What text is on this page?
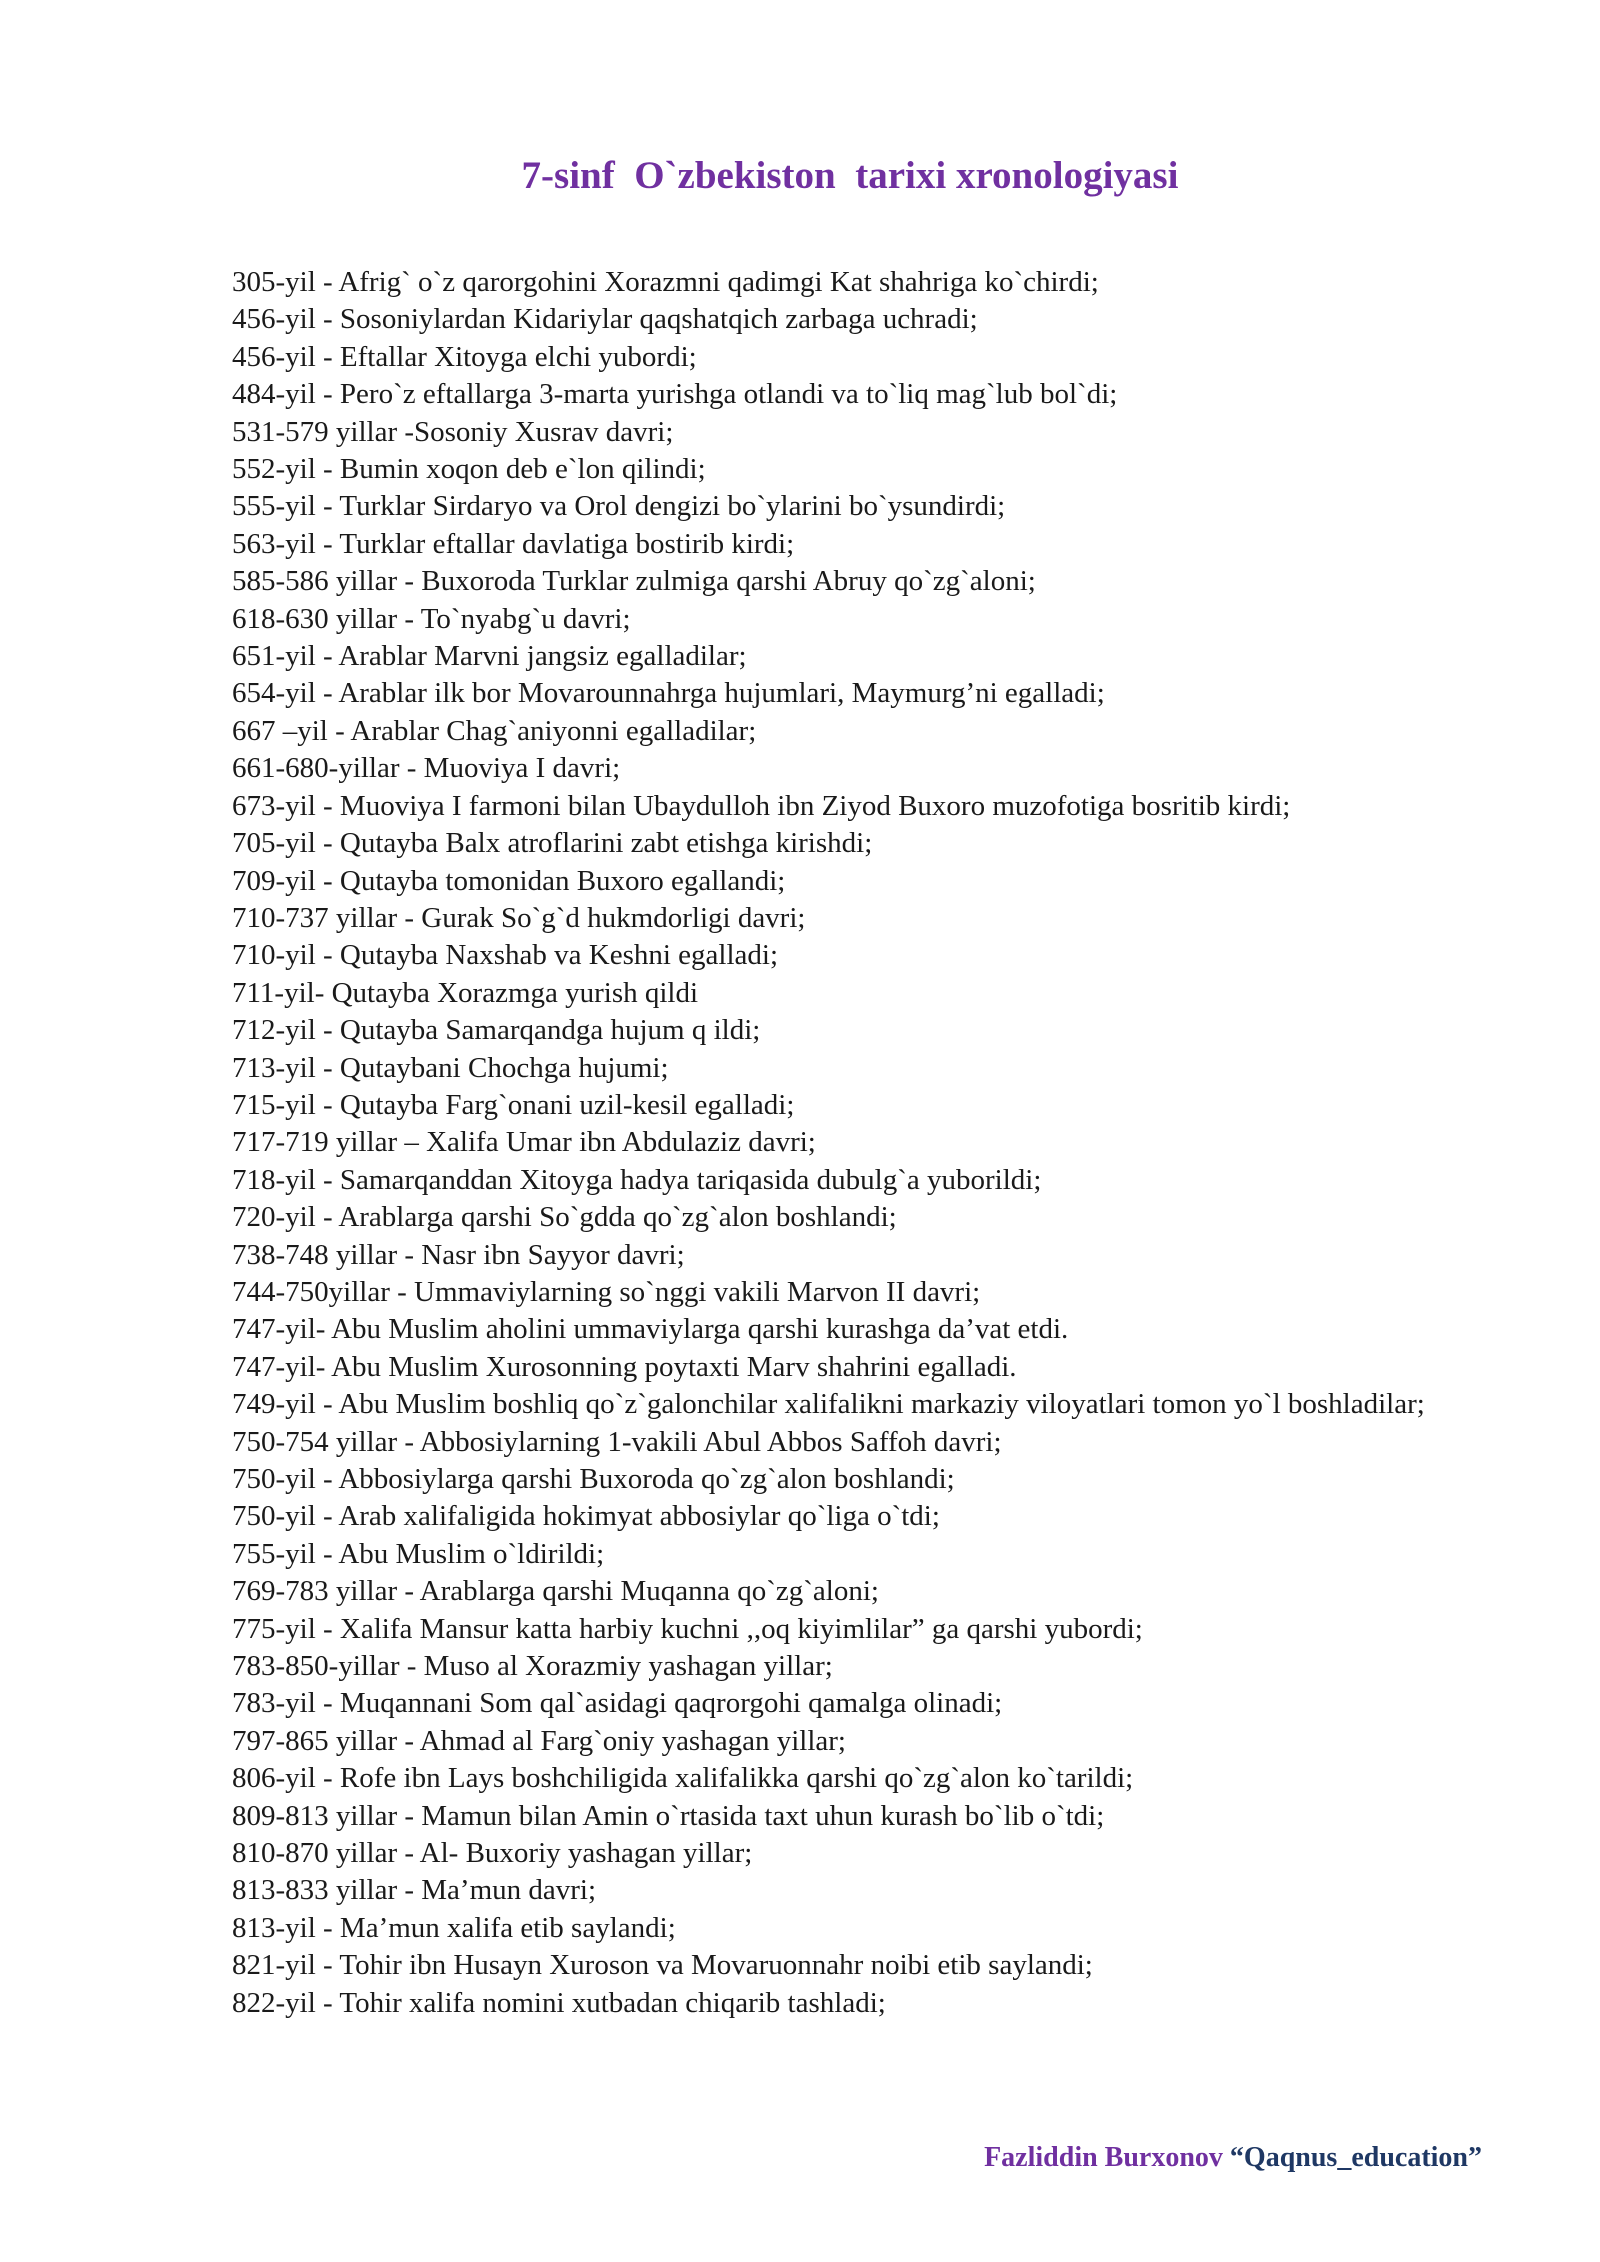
7-sinf  O`zbekiston  tarixi xronologiyasi
305-yil - Afrig` o`z qarorgohini Xorazmni qadimgi Kat shahriga ko`chirdi;
456-yil - Sosoniylardan Kidariylar qaqshatqich zarbaga uchradi;
456-yil - Eftallar Xitoyga elchi yubordi;
484-yil - Pero`z eftallarga 3-marta yurishga otlandi va to`liq mag`lub bol`di;
531-579 yillar -Sosoniy Xusrav davri;
552-yil - Bumin xoqon deb e`lon qilindi;
555-yil - Turklar Sirdaryo va Orol dengizi bo`ylarini bo`ysundirdi;
563-yil - Turklar eftallar davlatiga bostirib kirdi;
585-586 yillar - Buxoroda Turklar zulmiga qarshi Abruy qo`zg`aloni;
618-630 yillar - To`nyabg`u davri;
651-yil - Arablar Marvni jangsiz egalladilar;
654-yil - Arablar ilk bor Movarounnahrga hujumlari, Maymurg’ni egalladi;
667 –yil - Arablar Chag`aniyonni egalladilar;
661-680-yillar - Muoviya I davri;
673-yil - Muoviya I farmoni bilan Ubaydulloh ibn Ziyod Buxoro muzofotiga bosritib kirdi;
705-yil - Qutayba Balx atroflarini zabt etishga kirishdi;
709-yil - Qutayba tomonidan Buxoro egallandi;
710-737 yillar - Gurak So`g`d hukmdorligi davri;
710-yil - Qutayba Naxshab va Keshni egalladi;
711-yil- Qutayba Xorazmga yurish qildi
712-yil - Qutayba Samarqandga hujum q ildi;
713-yil - Qutaybani Chochga hujumi;
715-yil - Qutayba Farg`onani uzil-kesil egalladi;
717-719 yillar – Xalifa Umar ibn Abdulaziz davri;
718-yil - Samarqanddan Xitoyga hadya tariqasida dubulg`a yuborildi;
720-yil - Arablarga qarshi So`gdda qo`zg`alon boshlandi;
738-748 yillar - Nasr ibn Sayyor davri;
744-750yillar - Ummaviylarning so`nggi vakili Marvon II davri;
747-yil- Abu Muslim aholini ummaviylarga qarshi kurashga da’vat etdi.
747-yil- Abu Muslim Xurosonning poytaxti Marv shahrini egalladi.
749-yil - Abu Muslim boshliq qo`z`galonchilar xalifalikni markaziy viloyatlari tomon yo`l boshladilar;
750-754 yillar - Abbosiylarning 1-vakili Abul Abbos Saffoh davri;
750-yil - Abbosiylarga qarshi Buxoroda qo`zg`alon boshlandi;
750-yil - Arab xalifaligida hokimyat abbosiylar qo`liga o`tdi;
755-yil - Abu Muslim o`ldirildi;
769-783 yillar - Arablarga qarshi Muqanna qo`zg`aloni;
775-yil - Xalifa Mansur katta harbiy kuchni ,,oq kiyimlilar” ga qarshi yubordi;
783-850-yillar - Muso al Xorazmiy yashagan yillar;
783-yil - Muqannani Som qal`asidagi qaqrorgohi qamalga olinadi;
797-865 yillar - Ahmad al Farg`oniy yashagan yillar;
806-yil - Rofe ibn Lays boshchiligida xalifalikka qarshi qo`zg`alon ko`tarildi;
809-813 yillar - Mamun bilan Amin o`rtasida taxt uhun kurash bo`lib o`tdi;
810-870 yillar - Al- Buxoriy yashagan yillar;
813-833 yillar - Ma’mun davri;
813-yil - Ma’mun xalifa etib saylandi;
821-yil - Tohir ibn Husayn Xuroson va Movaruonnahr noibi etib saylandi;
822-yil - Tohir xalifa nomini xutbadan chiqarib tashladi;
Fazliddin Burxonov “Qaqnus_education”
